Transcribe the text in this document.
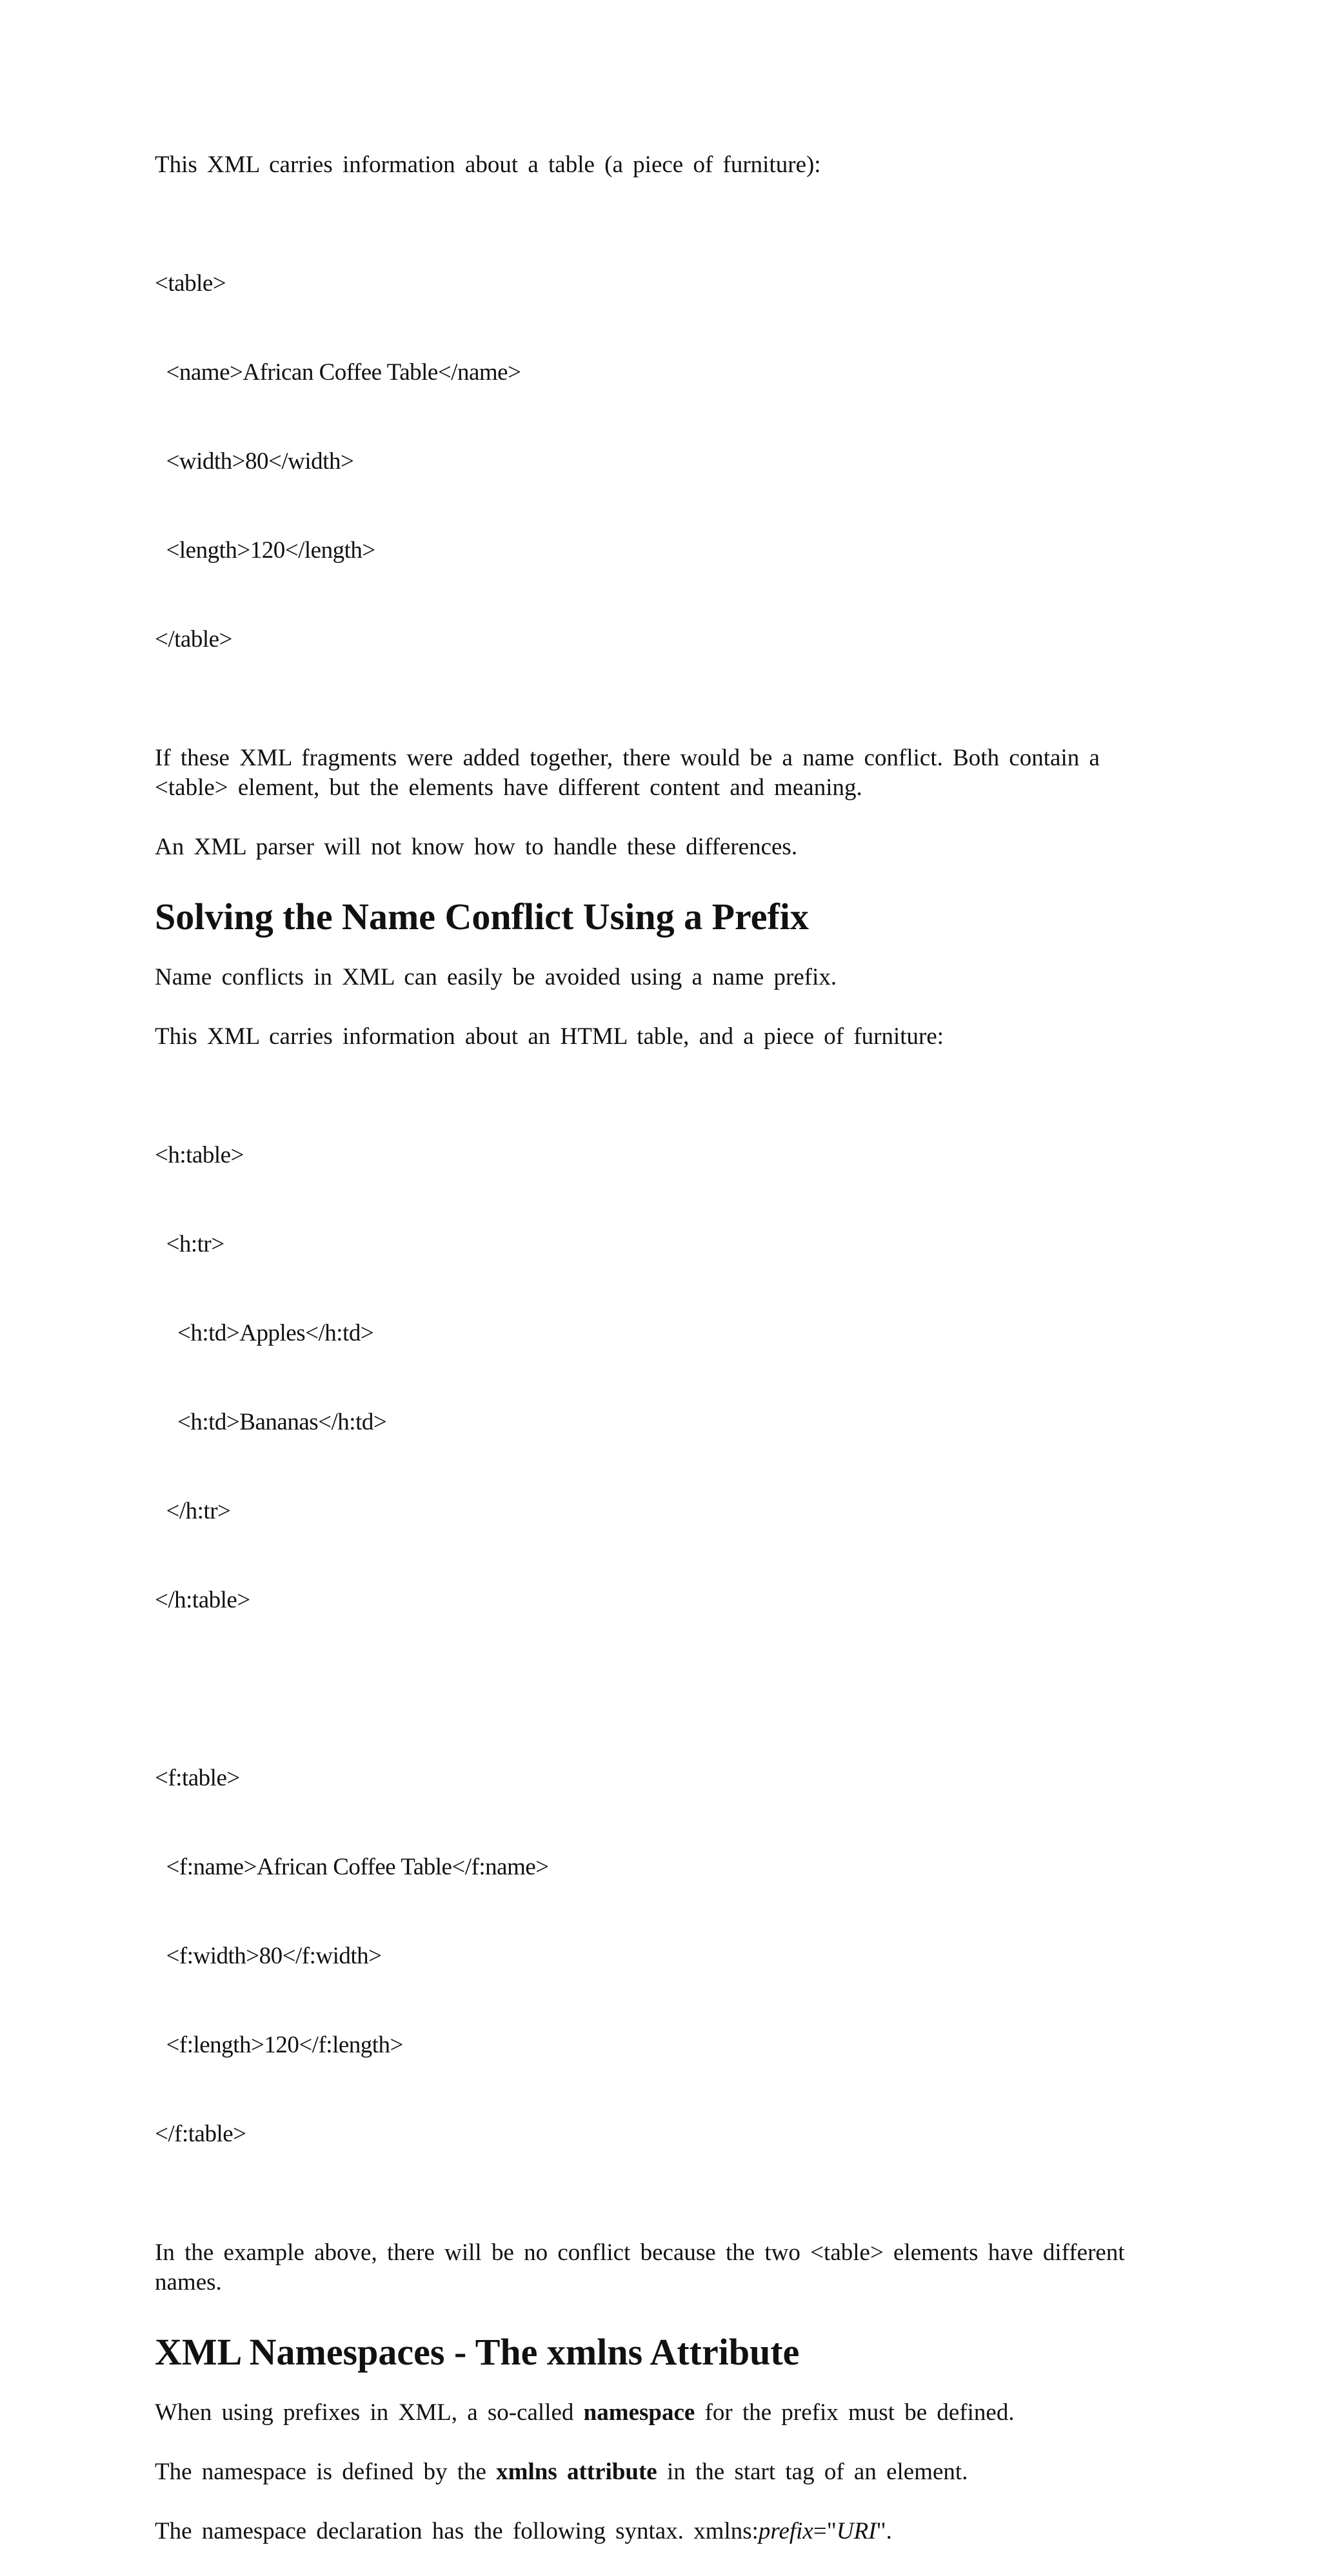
This XML carries information about a table (a piece of furniture):

<table>

<name>African Coffee Table</name>

<width>80</width>

<length>120</length>

</table>

If these XML fragments were added together, there would be a name conflict. Both contain a <table> element, but the elements have different content and meaning.

An XML parser will not know how to handle these differences.

Solving the Name Conflict Using a Prefix

Name conflicts in XML can easily be avoided using a name prefix.

This XML carries information about an HTML table, and a piece of furniture:

<h:table>

<h:tr>

<h:td>Apples</h:td>

<h:td>Bananas</h:td>

</h:tr>

</h:table>

<f:table>

<f:name>African Coffee Table</f:name>

<f:width>80</f:width>

<f:length>120</f:length>

</f:table>

In the example above, there will be no conflict because the two <table> elements have different names.

XML Namespaces - The xmlns Attribute

When using prefixes in XML, a so-called namespace for the prefix must be defined.

The namespace is defined by the xmlns attribute in the start tag of an element.

The namespace declaration has the following syntax. xmlns:prefix="URI".
